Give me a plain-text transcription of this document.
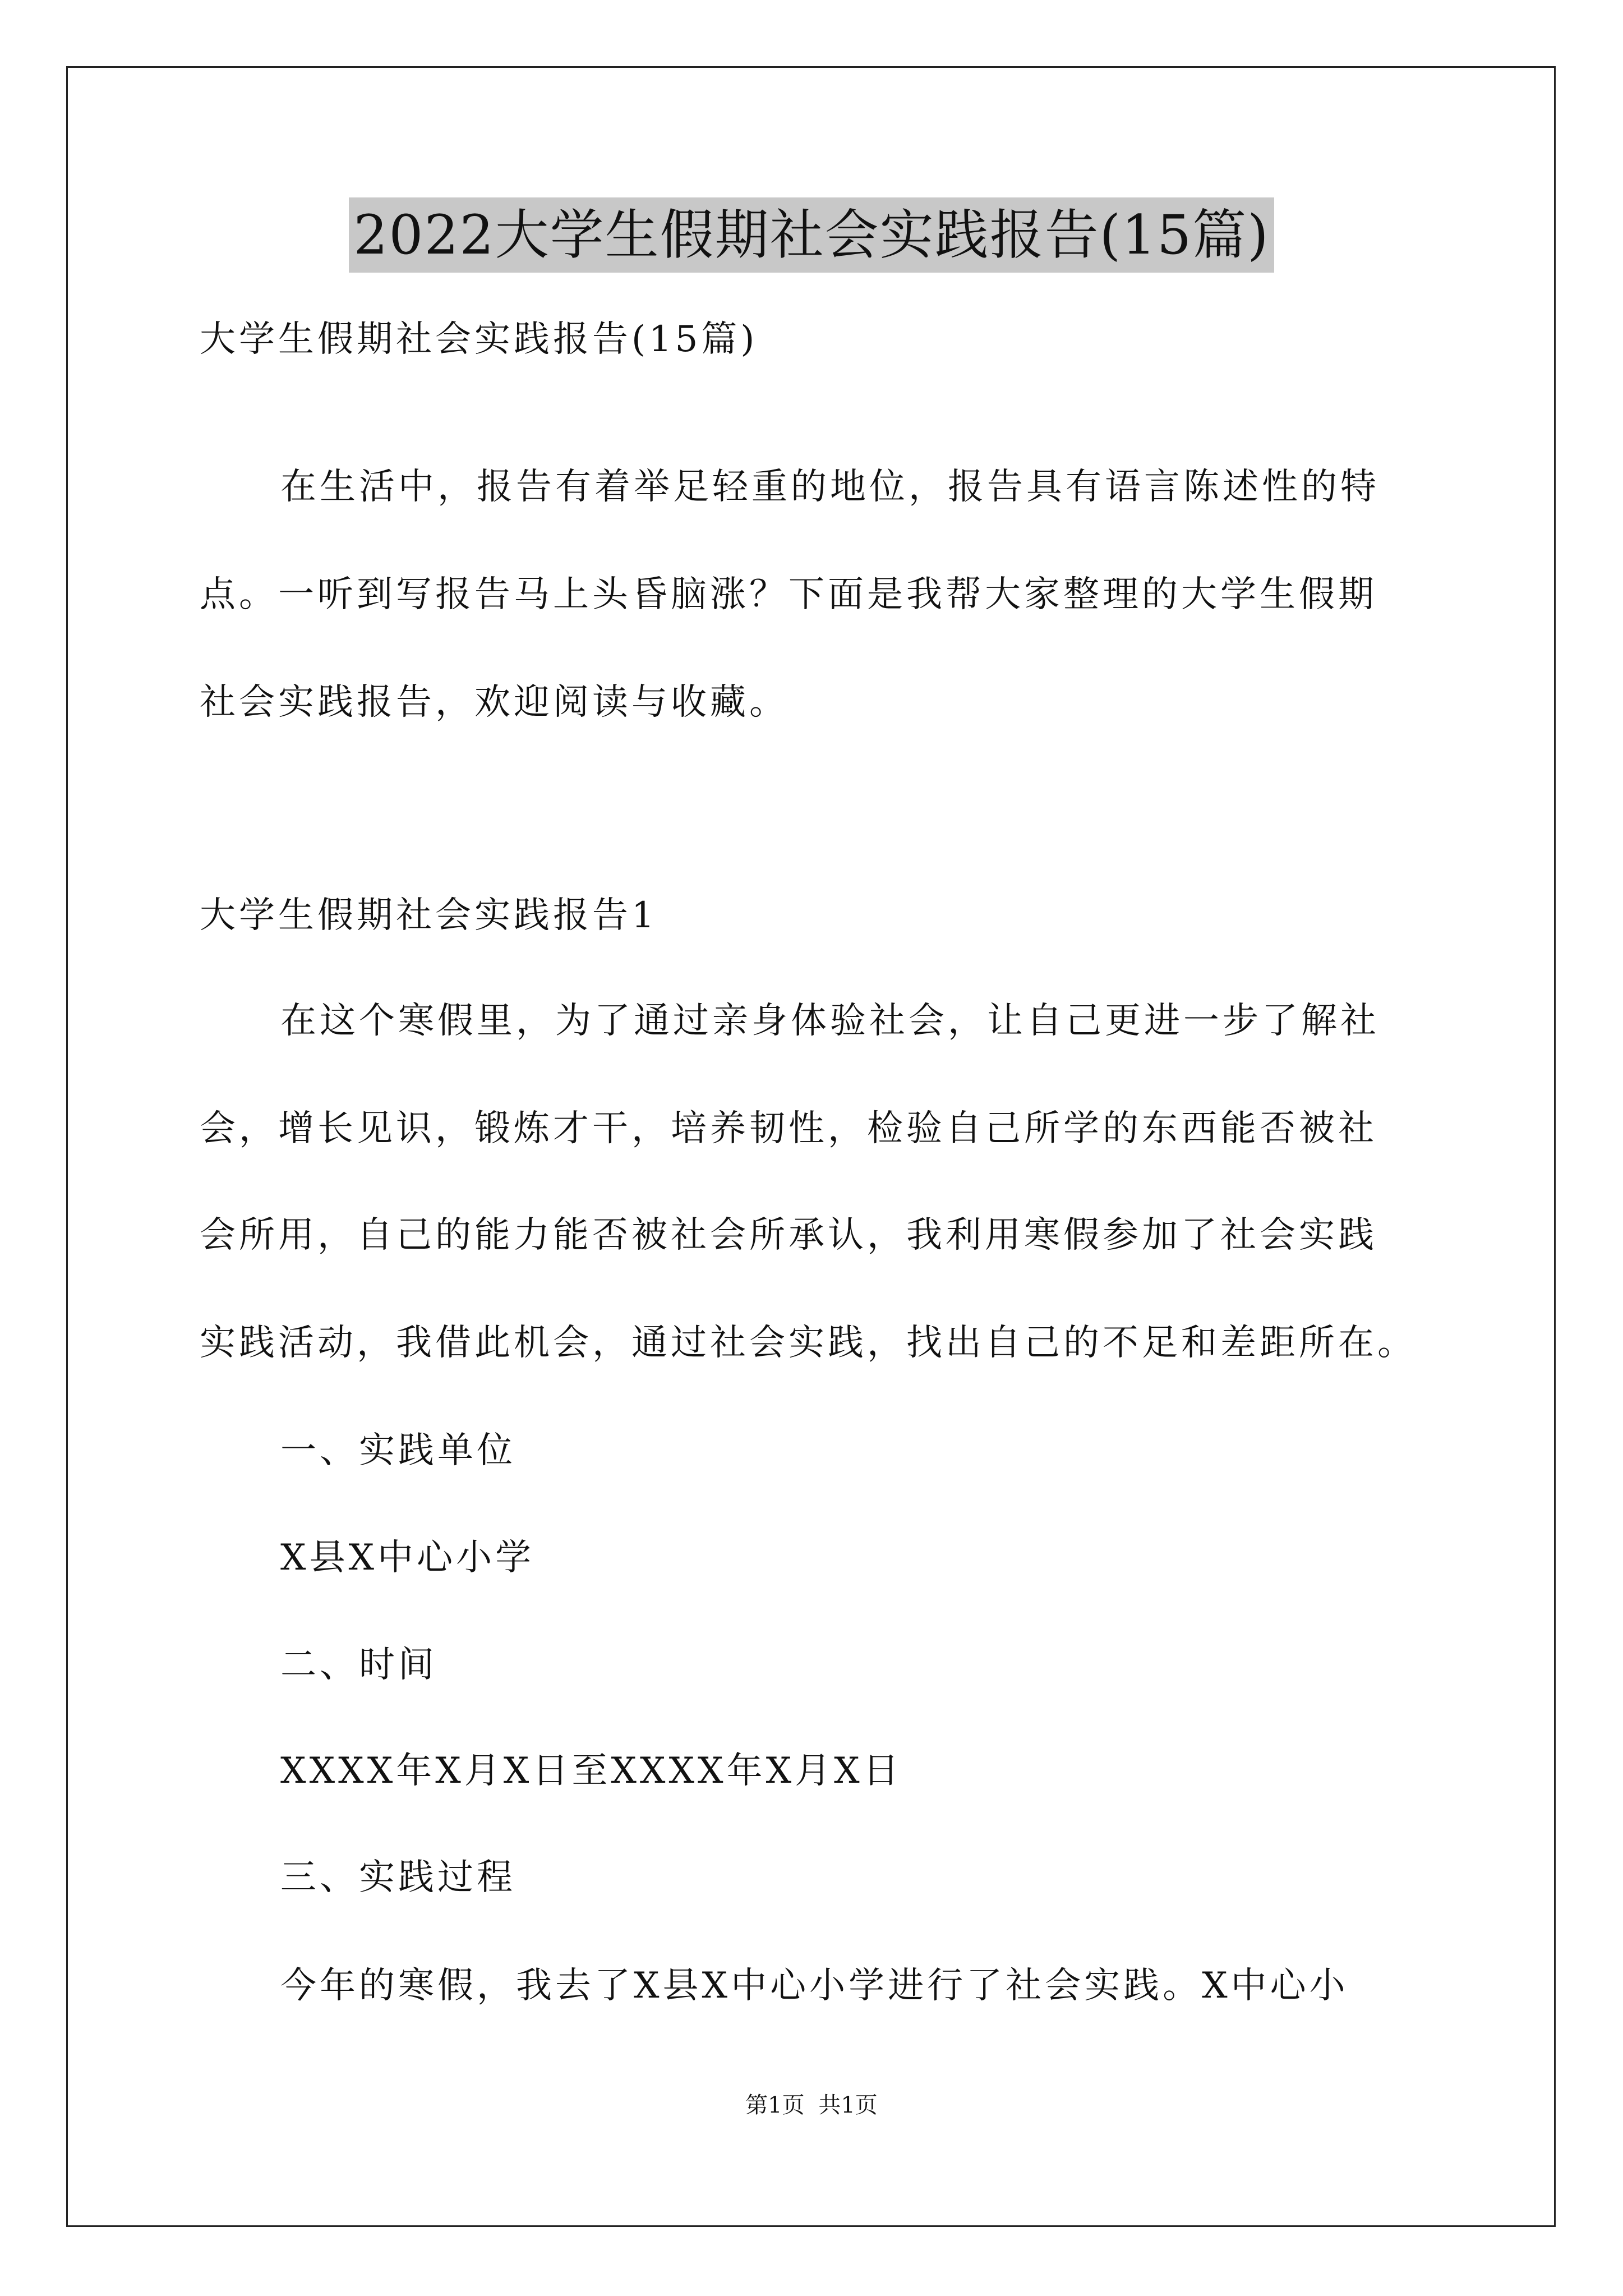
2022大学生假期社会实践报告(15篇)
大学生假期社会实践报告(15篇)
在生活中，报告有着举足轻重的地位，报告具有语言陈述性的特
点。一听到写报告马上头昏脑涨？下面是我帮大家整理的大学生假期
社会实践报告，欢迎阅读与收藏。
大学生假期社会实践报告1
在这个寒假里，为了通过亲身体验社会，让自己更进一步了解社
会，增长见识，锻炼才干，培养韧性，检验自己所学的东西能否被社
会所用，自己的能力能否被社会所承认，我利用寒假参加了社会实践
实践活动，我借此机会，通过社会实践，找出自己的不足和差距所在。
一、实践单位
X县X中心小学
二、时间
XXXX年X月X日至XXXX年X月X日
三、实践过程
今年的寒假，我去了X县X中心小学进行了社会实践。X中心小
第1页 共1页
